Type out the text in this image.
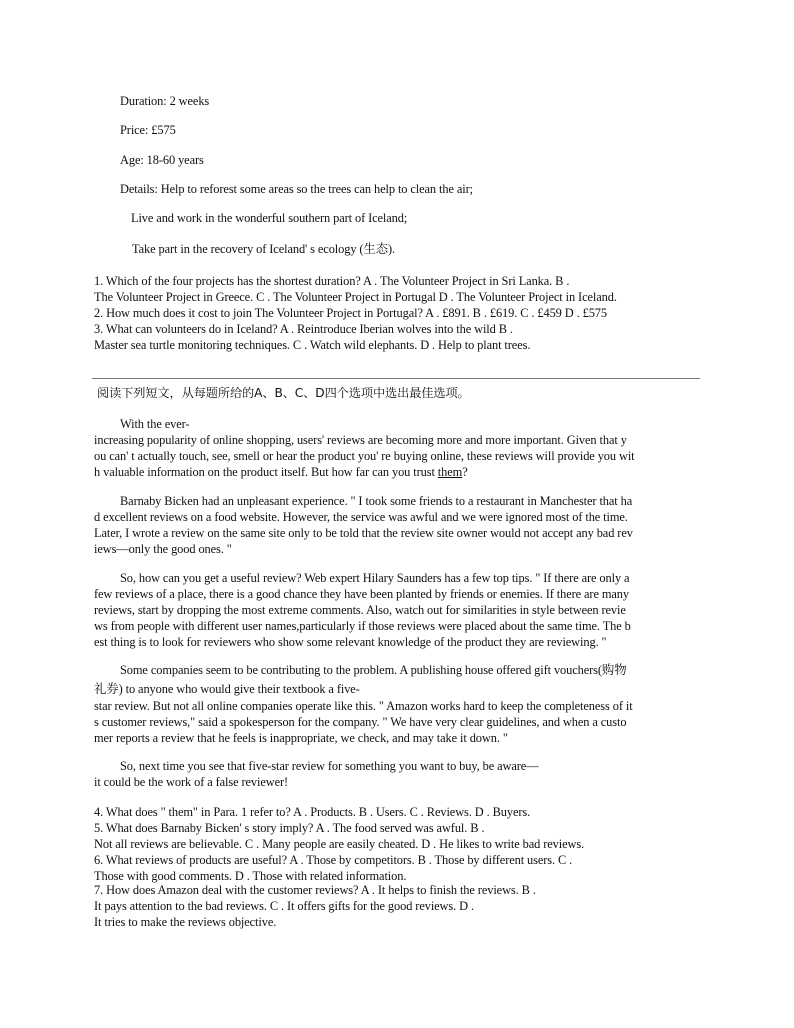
Duration: 2 weeks
Price: £575
Age: 18-60 years
Details: Help to reforest some areas so the trees can help to clean the air;
Live and work in the wonderful southern part of Iceland;
Take part in the recovery of Iceland' s ecology (生态).
1. Which of the four projects has the shortest duration? A . The Volunteer Project in Sri Lanka. B .
The Volunteer Project in Greece. C . The Volunteer Project in Portugal D . The Volunteer Project in Iceland.
2. How much does it cost to join The Volunteer Project in Portugal? A . £891. B . £619. C . £459 D . £575
3. What can volunteers do in Iceland? A . Reintroduce Iberian wolves into the wild B .
Master sea turtle monitoring techniques. C . Watch wild elephants. D . Help to plant trees.
阅读下列短文，从每题所给的A、B、C、D四个选项中选出最佳选项。
With the ever-
increasing popularity of online shopping, users' reviews are becoming more and more important. Given that y
ou can' t actually touch, see, smell or hear the product you' re buying online, these reviews will provide you wit
h valuable information on the product itself. But how far can you trust them?
Barnaby Bicken had an unpleasant experience. " I took some friends to a restaurant in Manchester that ha
d excellent reviews on a food website. However, the service was awful and we were ignored most of the time.
Later, I wrote a review on the same site only to be told that the review site owner would not accept any bad rev
iews—only the good ones. "
So, how can you get a useful review? Web expert Hilary Saunders has a few top tips. " If there are only a
few reviews of a place, there is a good chance they have been planted by friends or enemies. If there are many
reviews, start by dropping the most extreme comments. Also, watch out for similarities in style between revie
ws from people with different user names,particularly if those reviews were placed about the same time. The b
est thing is to look for reviewers who show some relevant knowledge of the product they are reviewing. "
Some companies seem to be contributing to the problem. A publishing house offered gift vouchers(购物
礼券) to anyone who would give their textbook a five-
star review. But not all online companies operate like this. " Amazon works hard to keep the completeness of it
s customer reviews," said a spokesperson for the company. " We have very clear guidelines, and when a custo
mer reports a review that he feels is inappropriate, we check, and may take it down. "
So, next time you see that five-star review for something you want to buy, be aware—
it could be the work of a false reviewer!
4. What does " them" in Para. 1 refer to? A . Products. B . Users. C . Reviews. D . Buyers.
5. What does Barnaby Bicken' s story imply? A . The food served was awful. B .
Not all reviews are believable. C . Many people are easily cheated. D . He likes to write bad reviews.
6. What reviews of products are useful? A . Those by competitors. B . Those by different users. C .
Those with good comments. D . Those with related information.
7. How does Amazon deal with the customer reviews? A . It helps to finish the reviews. B .
It pays attention to the bad reviews. C . It offers gifts for the good reviews. D .
It tries to make the reviews objective.
